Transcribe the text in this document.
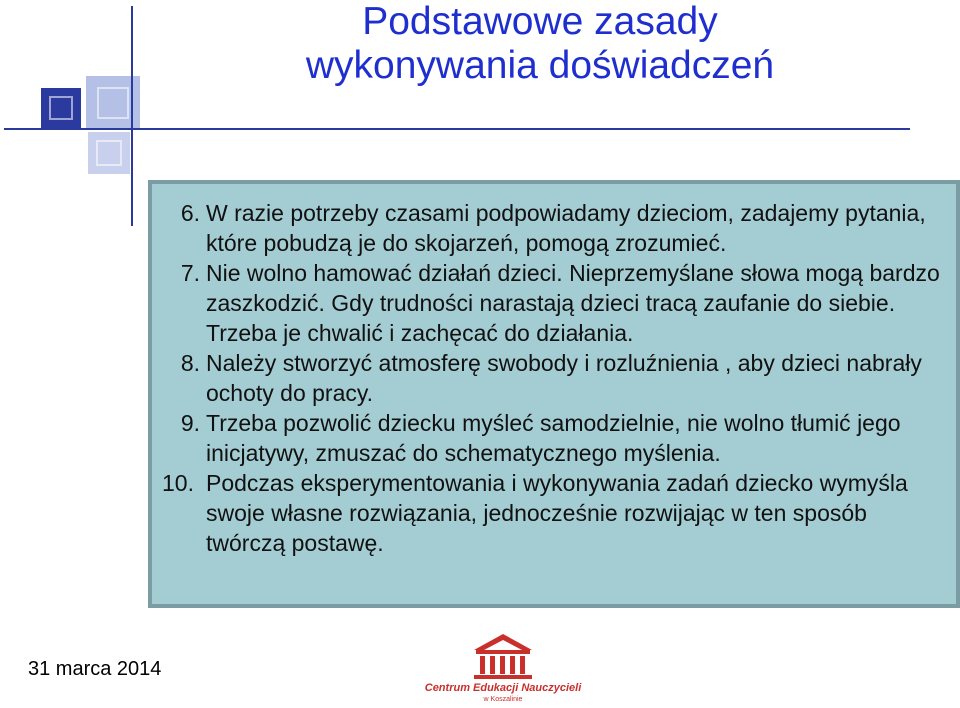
Podstawowe zasady
wykonywania doświadczeń
6. W razie potrzeby czasami podpowiadamy dzieciom, zadajemy pytania, które pobudzą je do skojarzeń, pomogą zrozumieć.
7. Nie wolno hamować działań dzieci. Nieprzemyślane słowa mogą bardzo zaszkodzić. Gdy trudności narastają dzieci tracą zaufanie do siebie. Trzeba je chwalić i zachęcać do działania.
8. Należy stworzyć atmosferę swobody i rozluźnienia , aby dzieci nabrały ochoty do pracy.
9. Trzeba pozwolić dziecku myśleć samodzielnie, nie wolno tłumić jego inicjatywy, zmuszać do schematycznego myślenia.
10. Podczas eksperymentowania i wykonywania zadań dziecko wymyśla swoje własne rozwiązania, jednocześnie rozwijając w ten sposób twórczą postawę.
31 marca 2014
Centrum Edukacji Nauczycieli
w Koszalinie
